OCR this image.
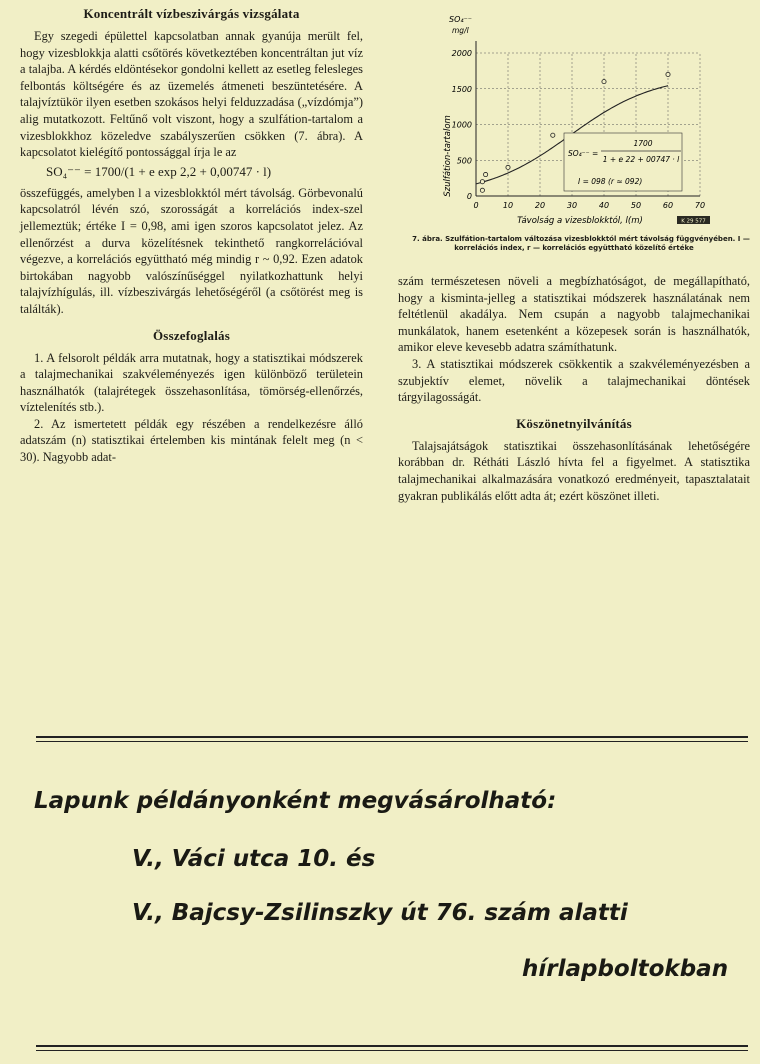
Koncentrált vízbeszivárgás vizsgálata

Egy szegedi épülettel kapcsolatban annak gyanúja merült fel, hogy vizesblokkja alatti csőtörés következtében koncentráltan jut víz a talajba. A kérdés eldöntésekor gondolni kellett az esetleg felesleges felbontás költségére és az üzemelés átmeneti beszüntetésére. A talajvíztükör ilyen esetben szokásos helyi felduzzadása („vízdómja”) alig mutatkozott. Feltűnő volt viszont, hogy a szulfátion-tartalom a vizesblokkhoz közeledve szabályszerűen csökken (7. ábra). A kapcsolatot kielégítő pontossággal írja le az

SO₄⁻⁻ = 1700/(1 + e exp 2,2 + 0,00747 · l)

összefüggés, amelyben l a vizesblokktól mért távolság. Görbevonalú kapcsolatról lévén szó, szorosságát a korrelációs index-szel jellemeztük; értéke I = 0,98, ami igen szoros kapcsolatot jelez. Az ellenőrzést a durva közelítésnek tekinthető rangkorrelációval végezve, a korrelációs együttható még mindig r ~ 0,92. Ezen adatok birtokában nagyobb valószínűséggel nyilatkozhattunk helyi talajvízhígulás, ill. vízbeszivárgás lehetőségéről (a csőtörést meg is találták).

Összefoglalás

1. A felsorolt példák arra mutatnak, hogy a statisztikai módszerek a talajmechanikai szakvéleményezés igen különböző területein használhatók (talajrétegek összehasonlítása, tömörség-ellenőrzés, víztelenítés stb.).

2. Az ismertetett példák egy részében a rendelkezésre álló adatszám (n) statisztikai értelemben kis mintának felelt meg (n < 30). Nagyobb adat-

0	10	20	30	40	50	60	70
0
500
1000
1500
2000
SO₄⁻⁻
mg/l
Szulfátion-tartalom
Távolság a vizesblokktól, l(m)	K 29 577
SO₄⁻⁻ =
1700
1 + e 22 + 00747 · l
I = 098 (r ≈ 092)

7. ábra. Szulfátion-tartalom változása vizesblokktól mért távolság függvényében. I — korrelációs index, r — korrelációs együttható közelítő értéke

szám természetesen növeli a megbízhatóságot, de megállapítható, hogy a kisminta-jelleg a statisztikai módszerek használatának nem feltétlenül akadálya. Nem csupán a nagyobb talajmechanikai munkálatok, hanem esetenként a közepesek során is használhatók, amikor eleve kevesebb adatra számíthatunk.

3. A statisztikai módszerek csökkentik a szakvéleményezésben a szubjektív elemet, növelik a talajmechanikai döntések tárgyilagosságát.

Köszönetnyilvánítás

Talajsajátságok statisztikai összehasonlításának lehetőségére korábban dr. Rétháti László hívta fel a figyelmet. A statisztika talajmechanikai alkalmazására vonatkozó eredményeit, tapasztalatait gyakran publikálás előtt adta át; ezért köszönet illeti.

Lapunk példányonként megvásárolható:

V., Váci utca 10. és

V., Bajcsy-Zsilinszky út 76. szám alatti

hírlapboltokban
